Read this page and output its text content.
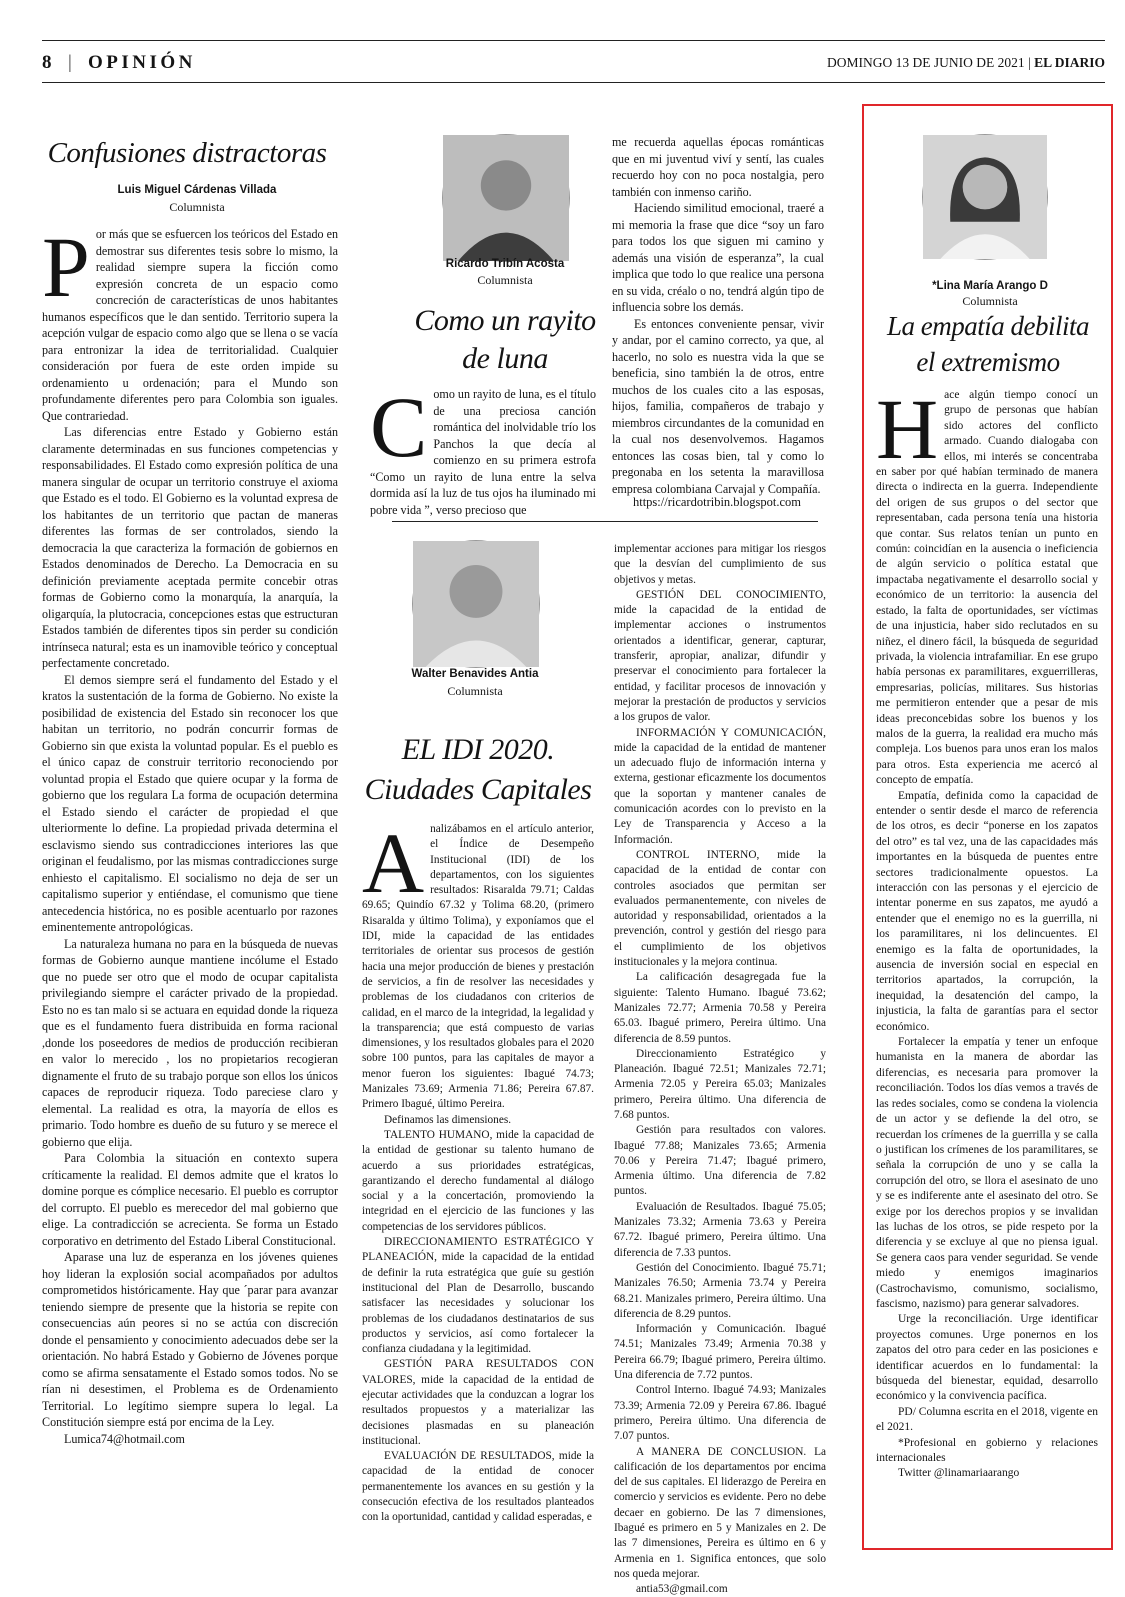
8 | OPINIÓN	DOMINGO 13 DE JUNIO DE 2021 | EL DIARIO
Confusiones distractoras
Luis Miguel Cárdenas Villada
Columnista

Por más que se esfuercen los teóricos del Estado en demostrar sus diferentes tesis sobre lo mismo, la realidad siempre supera la ficción como expresión concreta de un espacio como concreción de características de unos habitantes humanos específicos que le dan sentido. Territorio supera la acepción vulgar de espacio como algo que se llena o se vacía para entronizar la idea de territorialidad. Cualquier consideración por fuera de este orden impide su ordenamiento u ordenación; para el Mundo son profundamente diferentes pero para Colombia son iguales. Que contrariedad.

Las diferencias entre Estado y Gobierno están claramente determinadas en sus funciones competencias y responsabilidades. El Estado como expresión política de una manera singular de ocupar un territorio construye el axioma que Estado es el todo. El Gobierno es la voluntad expresa de los habitantes de un territorio que pactan de maneras diferentes las formas de ser controlados, siendo la democracia la que caracteriza la formación de gobiernos en Estados denominados de Derecho. La Democracia en su definición previamente aceptada permite concebir otras formas de Gobierno como la monarquía, la anarquía, la oligarquía, la plutocracia, concepciones estas que estructuran Estados también de diferentes tipos sin perder su condición intrínseca natural; esta es un inamovible teórico y conceptual perfectamente concretado.

El demos siempre será el fundamento del Estado y el kratos la sustentación de la forma de Gobierno. No existe la posibilidad de existencia del Estado sin reconocer los que habitan un territorio, no podrán concurrir formas de Gobierno sin que exista la voluntad popular. Es el pueblo es el único capaz de construir territorio reconociendo por voluntad propia el Estado que quiere ocupar y la forma de gobierno que los regulara La forma de ocupación determina el Estado siendo el carácter de propiedad el que ulteriormente lo define. La propiedad privada determina el esclavismo siendo sus contradicciones interiores las que originan el feudalismo, por las mismas contradicciones surge enhiesto el capitalismo. El socialismo no deja de ser un capitalismo superior y entiéndase, el comunismo que tiene antecedencia histórica, no es posible acentuarlo por razones eminentemente antropológicas.

La naturaleza humana no para en la búsqueda de nuevas formas de Gobierno aunque mantiene incólume el Estado que no puede ser otro que el modo de ocupar capitalista privilegiando siempre el carácter privado de la propiedad. Esto no es tan malo si se actuara en equidad donde la riqueza que es el fundamento fuera distribuida en forma racional ,donde los poseedores de medios de producción recibieran en valor lo merecido , los no propietarios recogieran dignamente el fruto de su trabajo porque son ellos los únicos capaces de reproducir riqueza. Todo pareciese claro y elemental. La realidad es otra, la mayoría de ellos es primario. Todo hombre es dueño de su futuro y se merece el gobierno que elija.

Para Colombia la situación en contexto supera críticamente la realidad. El demos admite que el kratos lo domine porque es cómplice necesario. El pueblo es corruptor del corrupto. El pueblo es merecedor del mal gobierno que elige. La contradicción se acrecienta. Se forma un Estado corporativo en detrimento del Estado Liberal Constitucional.

Aparase una luz de esperanza en los jóvenes quienes hoy lideran la explosión social acompañados por adultos comprometidos históricamente. Hay que ´parar para avanzar teniendo siempre de presente que la historia se repite con consecuencias aún peores si no se actúa con discreción donde el pensamiento y conocimiento adecuados debe ser la orientación. No habrá Estado y Gobierno de Jóvenes porque como se afirma sensatamente el Estado somos todos. No se rían ni desestimen, el Problema es de Ordenamiento Territorial. Lo legítimo siempre supera lo legal. La Constitución siempre está por encima de la Ley.

Lumica74@hotmail.com

Ricardo Tribín Acosta
Columnista
Como un rayito
de luna

Como un rayito de luna, es el título de una preciosa canción romántica del inolvidable trío los Panchos la que decía al comienzo en su primera estrofa “Como un rayito de luna entre la selva dormida así la luz de tus ojos ha iluminado mi pobre vida ”, verso precioso que

me recuerda aquellas épocas románticas que en mi juventud viví y sentí, las cuales recuerdo hoy con no poca nostalgia, pero también con inmenso cariño.

Haciendo similitud emocional, traeré a mi memoria la frase que dice “soy un faro para todos los que siguen mi camino y además una visión de esperanza”, la cual implica que todo lo que realice una persona en su vida, créalo o no, tendrá algún tipo de influencia sobre los demás.

Es entonces conveniente pensar, vivir y andar, por el camino correcto, ya que, al hacerlo, no solo es nuestra vida la que se beneficia, sino también la de otros, entre muchos de los cuales cito a las esposas, hijos, familia, compañeros de trabajo y miembros circundantes de la comunidad en la cual nos desenvolvemos. Hagamos entonces las cosas bien, tal y como lo pregonaba en los setenta la maravillosa empresa colombiana Carvajal y Compañía.

https://ricardotribin.blogspot.com
Walter Benavides Antia
Columnista
EL IDI 2020.
Ciudades Capitales

Analizábamos en el artículo anterior, el Índice de Desempeño Institucional (IDI) de los departamentos, con los siguientes resultados: Risaralda 79.71; Caldas 69.65; Quindío 67.32 y Tolima 68.20, (primero Risaralda y último Tolima), y exponíamos que el IDI, mide la capacidad de las entidades territoriales de orientar sus procesos de gestión hacia una mejor producción de bienes y prestación de servicios, a fin de resolver las necesidades y problemas de los ciudadanos con criterios de calidad, en el marco de la integridad, la legalidad y la transparencia; que está compuesto de varias dimensiones, y los resultados globales para el 2020 sobre 100 puntos, para las capitales de mayor a menor fueron los siguientes: Ibagué 74.73; Manizales 73.69; Armenia 71.86; Pereira 67.87. Primero Ibagué, último Pereira.

Definamos las dimensiones.

TALENTO HUMANO, mide la capacidad de la entidad de gestionar su talento humano de acuerdo a sus prioridades estratégicas, garantizando el derecho fundamental al diálogo social y a la concertación, promoviendo la integridad en el ejercicio de las funciones y las competencias de los servidores públicos.

DIRECCIONAMIENTO ESTRATÉGICO Y PLANEACIÓN, mide la capacidad de la entidad de definir la ruta estratégica que guíe su gestión institucional del Plan de Desarrollo, buscando satisfacer las necesidades y solucionar los problemas de los ciudadanos destinatarios de sus productos y servicios, así como fortalecer la confianza ciudadana y la legitimidad.

GESTIÓN PARA RESULTADOS CON VALORES, mide la capacidad de la entidad de ejecutar actividades que la conduzcan a lograr los resultados propuestos y a materializar las decisiones plasmadas en su planeación institucional.

EVALUACIÓN DE RESULTADOS, mide la capacidad de la entidad de conocer permanentemente los avances en su gestión y la consecución efectiva de los resultados planteados con la oportunidad, cantidad y calidad esperadas, e

implementar acciones para mitigar los riesgos que la desvían del cumplimiento de sus objetivos y metas.

GESTIÓN DEL CONOCIMIENTO, mide la capacidad de la entidad de implementar acciones o instrumentos orientados a identificar, generar, capturar, transferir, apropiar, analizar, difundir y preservar el conocimiento para fortalecer la entidad, y facilitar procesos de innovación y mejorar la prestación de productos y servicios a los grupos de valor.

INFORMACIÓN Y COMUNICACIÓN, mide la capacidad de la entidad de mantener un adecuado flujo de información interna y externa, gestionar eficazmente los documentos que la soportan y mantener canales de comunicación acordes con lo previsto en la Ley de Transparencia y Acceso a la Información.

CONTROL INTERNO, mide la capacidad de la entidad de contar con controles asociados que permitan ser evaluados permanentemente, con niveles de autoridad y responsabilidad, orientados a la prevención, control y gestión del riesgo para el cumplimiento de los objetivos institucionales y la mejora continua.

La calificación desagregada fue la siguiente: Talento Humano. Ibagué 73.62; Manizales 72.77; Armenia 70.58 y Pereira 65.03. Ibagué primero, Pereira último. Una diferencia de 8.59 puntos.

Direccionamiento Estratégico y Planeación. Ibagué 72.51; Manizales 72.71; Armenia 72.05 y Pereira 65.03; Manizales primero, Pereira último. Una diferencia de 7.68 puntos.

Gestión para resultados con valores. Ibagué 77.88; Manizales 73.65; Armenia 70.06 y Pereira 71.47; Ibagué primero, Armenia último. Una diferencia de 7.82 puntos.

Evaluación de Resultados. Ibagué 75.05; Manizales 73.32; Armenia 73.63 y Pereira 67.72. Ibagué primero, Pereira último. Una diferencia de 7.33 puntos.

Gestión del Conocimiento. Ibagué 75.71; Manizales 76.50; Armenia 73.74 y Pereira 68.21. Manizales primero, Pereira último. Una diferencia de 8.29 puntos.

Información y Comunicación. Ibagué 74.51; Manizales 73.49; Armenia 70.38 y Pereira 66.79; Ibagué primero, Pereira último. Una diferencia de 7.72 puntos.

Control Interno. Ibagué 74.93; Manizales 73.39; Armenia 72.09 y Pereira 67.86. Ibagué primero, Pereira último. Una diferencia de 7.07 puntos.

A MANERA DE CONCLUSION. La calificación de los departamentos por encima del de sus capitales. El liderazgo de Pereira en comercio y servicios es evidente. Pero no debe decaer en gobierno. De las 7 dimensiones, Ibagué es primero en 5 y Manizales en 2. De las 7 dimensiones, Pereira es último en 6 y Armenia en 1. Significa entonces, que solo nos queda mejorar.

antia53@gmail.com

*Lina María Arango D
Columnista
La empatía debilita
el extremismo

Hace algún tiempo conocí un grupo de personas que habían sido actores del conflicto armado. Cuando dialogaba con ellos, mi interés se concentraba en saber por qué habían terminado de manera directa o indirecta en la guerra. Independiente del origen de sus grupos o del sector que representaban, cada persona tenía una historia que contar. Sus relatos tenían un punto en común: coincidían en la ausencia o ineficiencia de algún servicio o política estatal que impactaba negativamente el desarrollo social y económico de un territorio: la ausencia del estado, la falta de oportunidades, ser víctimas de una injusticia, haber sido reclutados en su niñez, el dinero fácil, la búsqueda de seguridad privada, la violencia intrafamiliar. En ese grupo había personas ex paramilitares, exguerrilleras, empresarias, policías, militares. Sus historias me permitieron entender que a pesar de mis ideas preconcebidas sobre los buenos y los malos de la guerra, la realidad era mucho más compleja. Los buenos para unos eran los malos para otros. Esta experiencia me acercó al concepto de empatía.

Empatía, definida como la capacidad de entender o sentir desde el marco de referencia de los otros, es decir “ponerse en los zapatos del otro” es tal vez, una de las capacidades más importantes en la búsqueda de puentes entre sectores tradicionalmente opuestos. La interacción con las personas y el ejercicio de intentar ponerme en sus zapatos, me ayudó a entender que el enemigo no es la guerrilla, ni los paramilitares, ni los delincuentes. El enemigo es la falta de oportunidades, la ausencia de inversión social en especial en territorios apartados, la corrupción, la inequidad, la desatención del campo, la injusticia, la falta de garantías para el sector económico.

Fortalecer la empatía y tener un enfoque humanista en la manera de abordar las diferencias, es necesaria para promover la reconciliación. Todos los días vemos a través de las redes sociales, como se condena la violencia de un actor y se defiende la del otro, se recuerdan los crímenes de la guerrilla y se calla o justifican los crímenes de los paramilitares, se señala la corrupción de uno y se calla la corrupción del otro, se llora el asesinato de uno y se es indiferente ante el asesinato del otro. Se exige por los derechos propios y se invalidan las luchas de los otros, se pide respeto por la diferencia y se excluye al que no piensa igual. Se genera caos para vender seguridad. Se vende miedo y enemigos imaginarios (Castrochavismo, comunismo, socialismo, fascismo, nazismo) para generar salvadores.

Urge la reconciliación. Urge identificar proyectos comunes. Urge ponernos en los zapatos del otro para ceder en las posiciones e identificar acuerdos en lo fundamental: la búsqueda del bienestar, equidad, desarrollo económico y la convivencia pacífica.

PD/ Columna escrita en el 2018, vigente en el 2021.

*Profesional en gobierno y relaciones internacionales

Twitter @linamariaarango
